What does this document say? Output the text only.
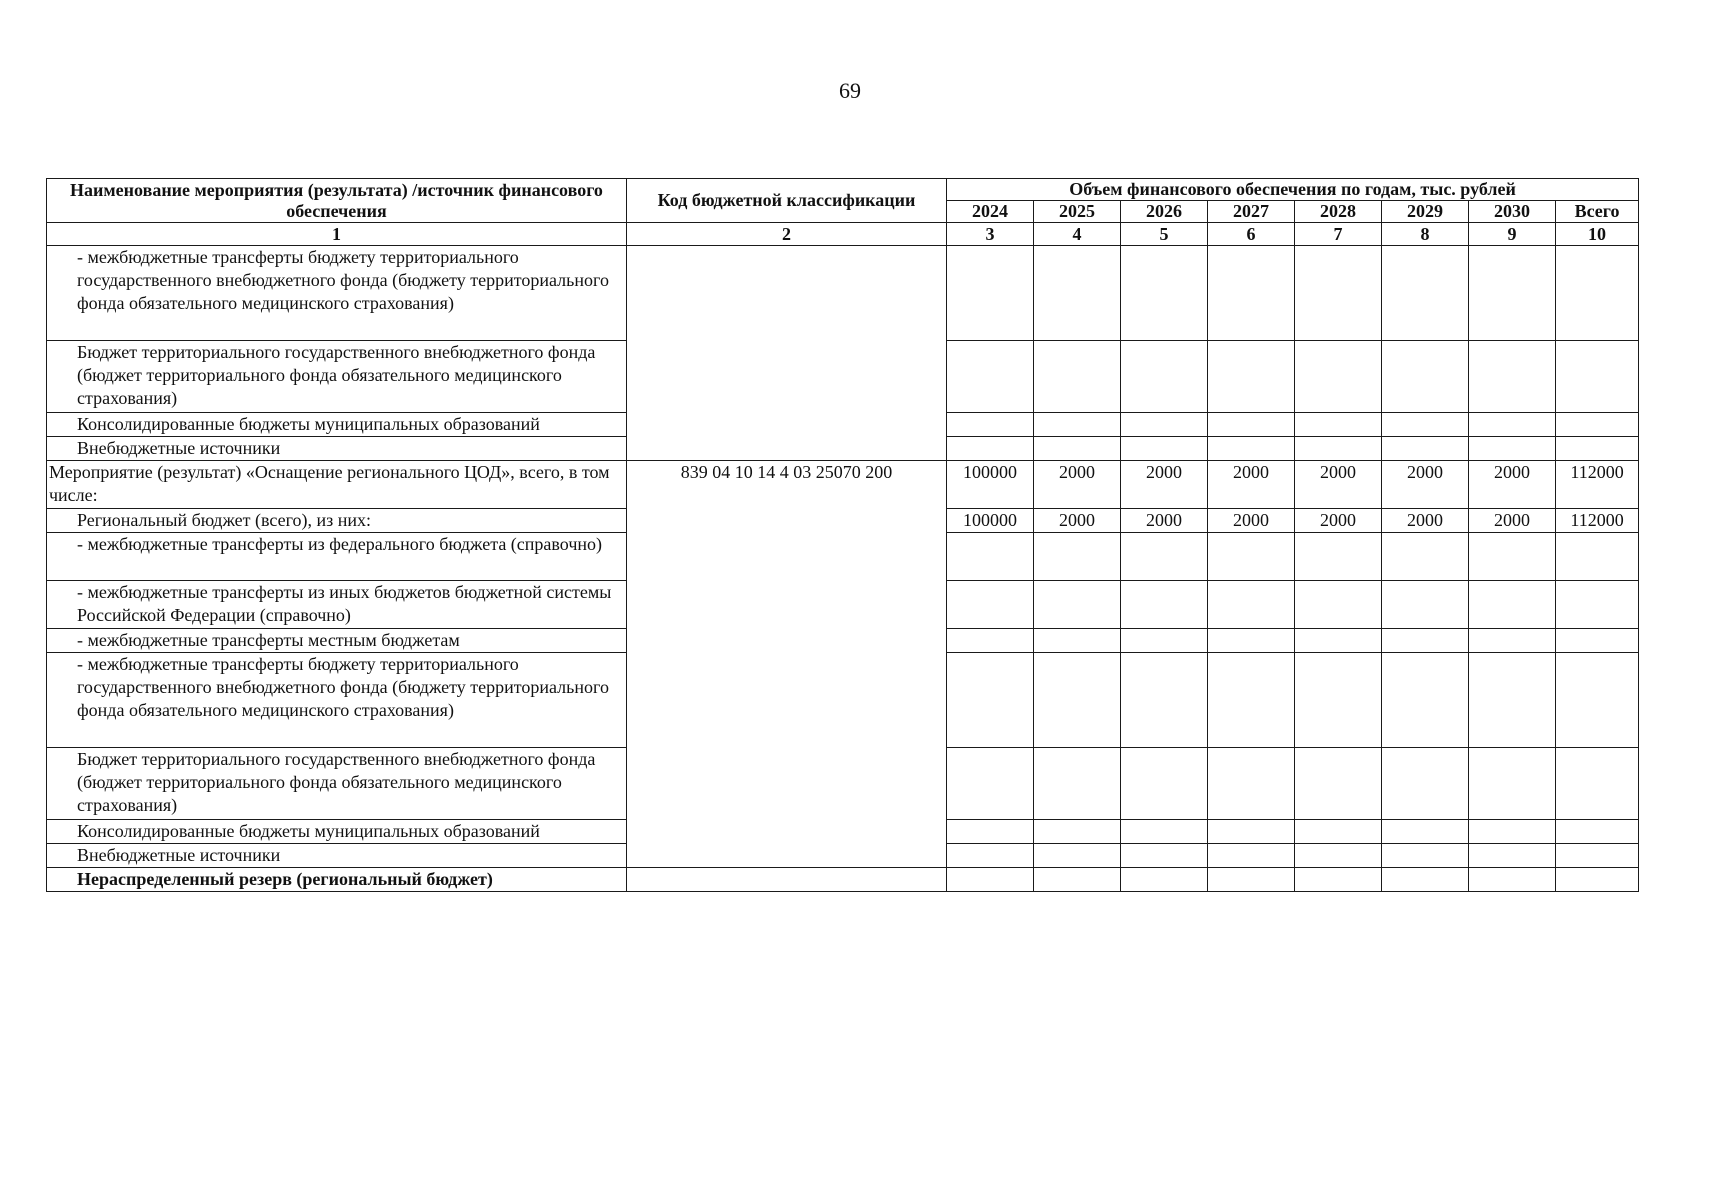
69
Наименование мероприятия (результата) /источник финансового обеспечения	Код бюджетной классификации	Объем финансового обеспечения по годам, тыс. рублей							
		2024	2025	2026	2027	2028	2029	2030	Всего
1	2	3	4	5	6	7	8	9	10
- межбюджетные трансферты бюджету территориального государственного внебюджетного фонда (бюджету территориального фонда обязательного медицинского страхования)									
Бюджет территориального государственного внебюджетного фонда (бюджет территориального фонда обязательного медицинского страхования)									
Консолидированные бюджеты муниципальных образований									
Внебюджетные источники									
Мероприятие (результат) «Оснащение регионального ЦОД», всего, в том числе:	839 04 10 14 4 03 25070 200	100000	2000	2000	2000	2000	2000	2000	112000
Региональный бюджет (всего), из них:		100000	2000	2000	2000	2000	2000	2000	112000
- межбюджетные трансферты из федерального бюджета (справочно)									
- межбюджетные трансферты из иных бюджетов бюджетной системы Российской Федерации (справочно)									
- межбюджетные трансферты местным бюджетам									
- межбюджетные трансферты бюджету территориального государственного внебюджетного фонда (бюджету территориального фонда обязательного медицинского страхования)									
Бюджет территориального государственного внебюджетного фонда (бюджет территориального фонда обязательного медицинского страхования)									
Консолидированные бюджеты муниципальных образований									
Внебюджетные источники									
Нераспределенный резерв (региональный бюджет)									
